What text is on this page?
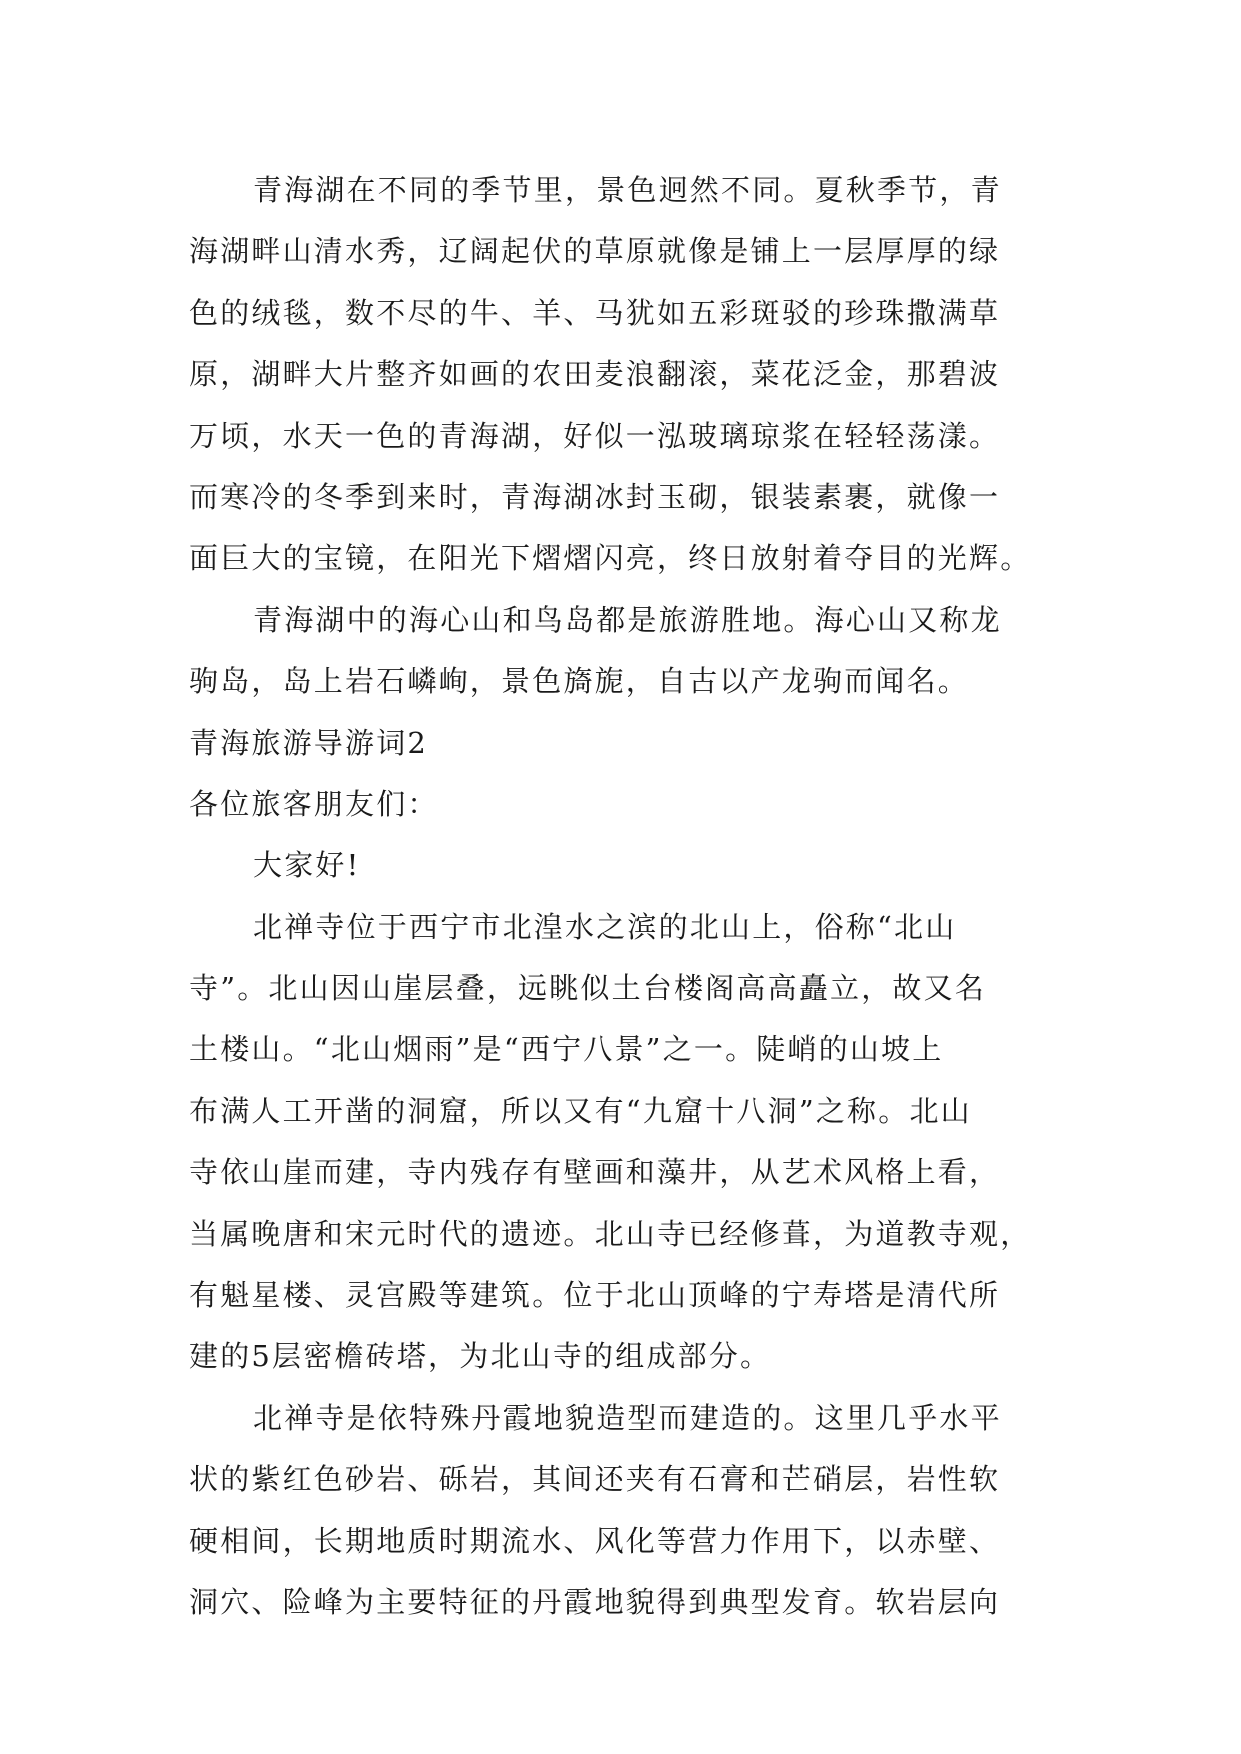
青海湖在不同的季节里，景色迥然不同。夏秋季节，青
海湖畔山清水秀，辽阔起伏的草原就像是铺上一层厚厚的绿
色的绒毯，数不尽的牛、羊、马犹如五彩斑驳的珍珠撒满草
原，湖畔大片整齐如画的农田麦浪翻滚，菜花泛金，那碧波
万顷，水天一色的青海湖，好似一泓玻璃琼浆在轻轻荡漾。
而寒冷的冬季到来时，青海湖冰封玉砌，银装素裹，就像一
面巨大的宝镜，在阳光下熠熠闪亮，终日放射着夺目的光辉。
青海湖中的海心山和鸟岛都是旅游胜地。海心山又称龙
驹岛，岛上岩石嶙峋，景色旖旎，自古以产龙驹而闻名。
青海旅游导游词2
各位旅客朋友们：
大家好!
北禅寺位于西宁市北湟水之滨的北山上，俗称“北山
寺”。北山因山崖层叠，远眺似土台楼阁高高矗立，故又名
土楼山。“北山烟雨”是“西宁八景”之一。陡峭的山坡上
布满人工开凿的洞窟，所以又有“九窟十八洞”之称。北山
寺依山崖而建，寺内残存有壁画和藻井，从艺术风格上看，
当属晚唐和宋元时代的遗迹。北山寺已经修葺，为道教寺观，
有魁星楼、灵宫殿等建筑。位于北山顶峰的宁寿塔是清代所
建的5层密檐砖塔，为北山寺的组成部分。
北禅寺是依特殊丹霞地貌造型而建造的。这里几乎水平
状的紫红色砂岩、砾岩，其间还夹有石膏和芒硝层，岩性软
硬相间，长期地质时期流水、风化等营力作用下，以赤壁、
洞穴、险峰为主要特征的丹霞地貌得到典型发育。软岩层向
